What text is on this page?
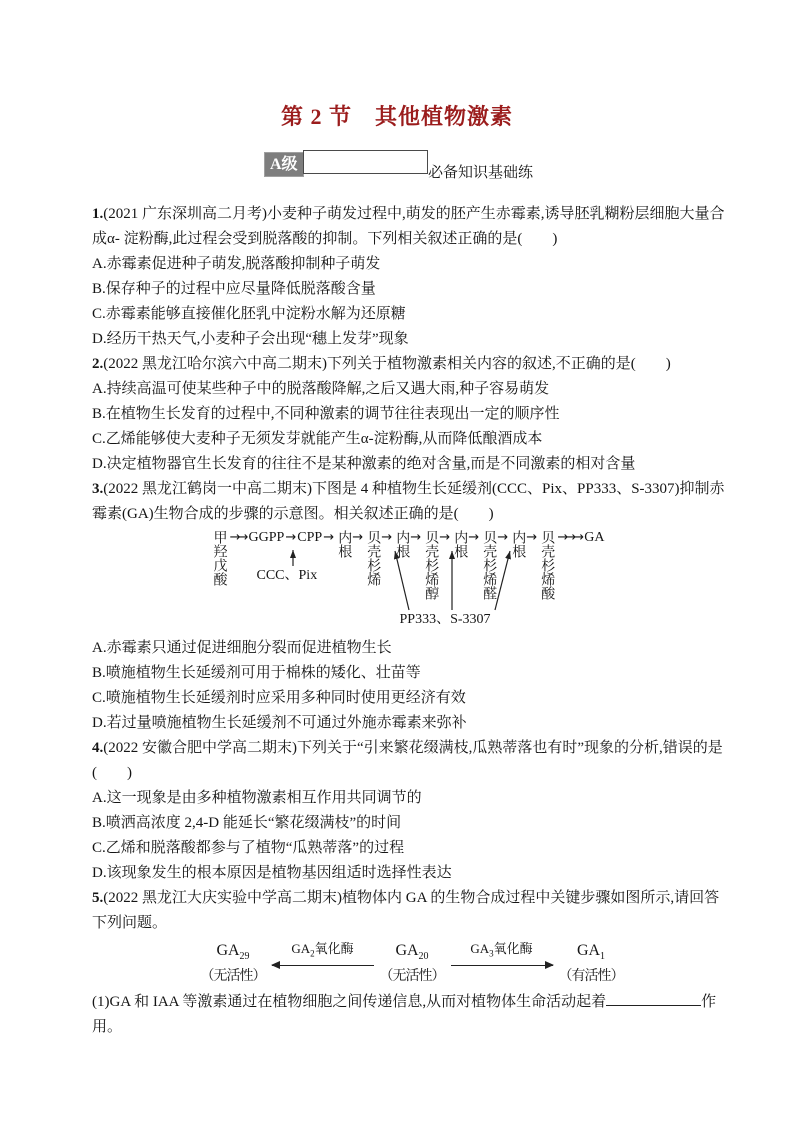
第 2 节　其他植物激素
A级	必备知识基础练

1.(2021 广东深圳高二月考)小麦种子萌发过程中,萌发的胚产生赤霉素,诱导胚乳糊粉层细胞大量合成α- 淀粉酶,此过程会受到脱落酸的抑制。下列相关叙述正确的是(　　)

A.赤霉素促进种子萌发,脱落酸抑制种子萌发

B.保存种子的过程中应尽量降低脱落酸含量

C.赤霉素能够直接催化胚乳中淀粉水解为还原糖

D.经历干热天气,小麦种子会出现“穗上发芽”现象

2.(2022 黑龙江哈尔滨六中高二期末)下列关于植物激素相关内容的叙述,不正确的是(　　)

A.持续高温可使某些种子中的脱落酸降解,之后又遇大雨,种子容易萌发

B.在植物生长发育的过程中,不同种激素的调节往往表现出一定的顺序性

C.乙烯能够使大麦种子无须发芽就能产生α-淀粉酶,从而降低酿酒成本

D.决定植物器官生长发育的往往不是某种激素的绝对含量,而是不同激素的相对含量

3.(2022 黑龙江鹤岗一中高二期末)下图是 4 种植物生长延缓剂(CCC、Pix、PP333、S-3307)抑制赤霉素(GA)生物合成的步骤的示意图。相关叙述正确的是(　　)

甲羟戊酸 →→ GGPP → CPP → 内根 → 贝壳杉烯 → 内根 → 贝壳杉烯醇 → 内根 → 贝壳杉烯醛 → 内根 → 贝壳杉烯酸 →→→ GA
CCC、Pix
PP333、S-3307

A.赤霉素只通过促进细胞分裂而促进植物生长

B.喷施植物生长延缓剂可用于棉株的矮化、壮苗等

C.喷施植物生长延缓剂时应采用多种同时使用更经济有效

D.若过量喷施植物生长延缓剂不可通过外施赤霉素来弥补

4.(2022 安徽合肥中学高二期末)下列关于“引来繁花缀满枝,瓜熟蒂落也有时”现象的分析,错误的是(　　)

A.这一现象是由多种植物激素相互作用共同调节的

B.喷洒高浓度 2,4-D 能延长“繁花缀满枝”的时间

C.乙烯和脱落酸都参与了植物“瓜熟蒂落”的过程

D.该现象发生的根本原因是植物基因组适时选择性表达

5.(2022 黑龙江大庆实验中学高二期末)植物体内 GA 的生物合成过程中关键步骤如图所示,请回答下列问题。

$GA_{29}$
（无活性）
$GA_2$氧化酶	$GA_{20}$
（无活性）
$GA_3$氧化酶	$GA_1$
（有活性）

(1)GA 和 IAA 等激素通过在植物细胞之间传递信息,从而对植物体生命活动起着	作用。
